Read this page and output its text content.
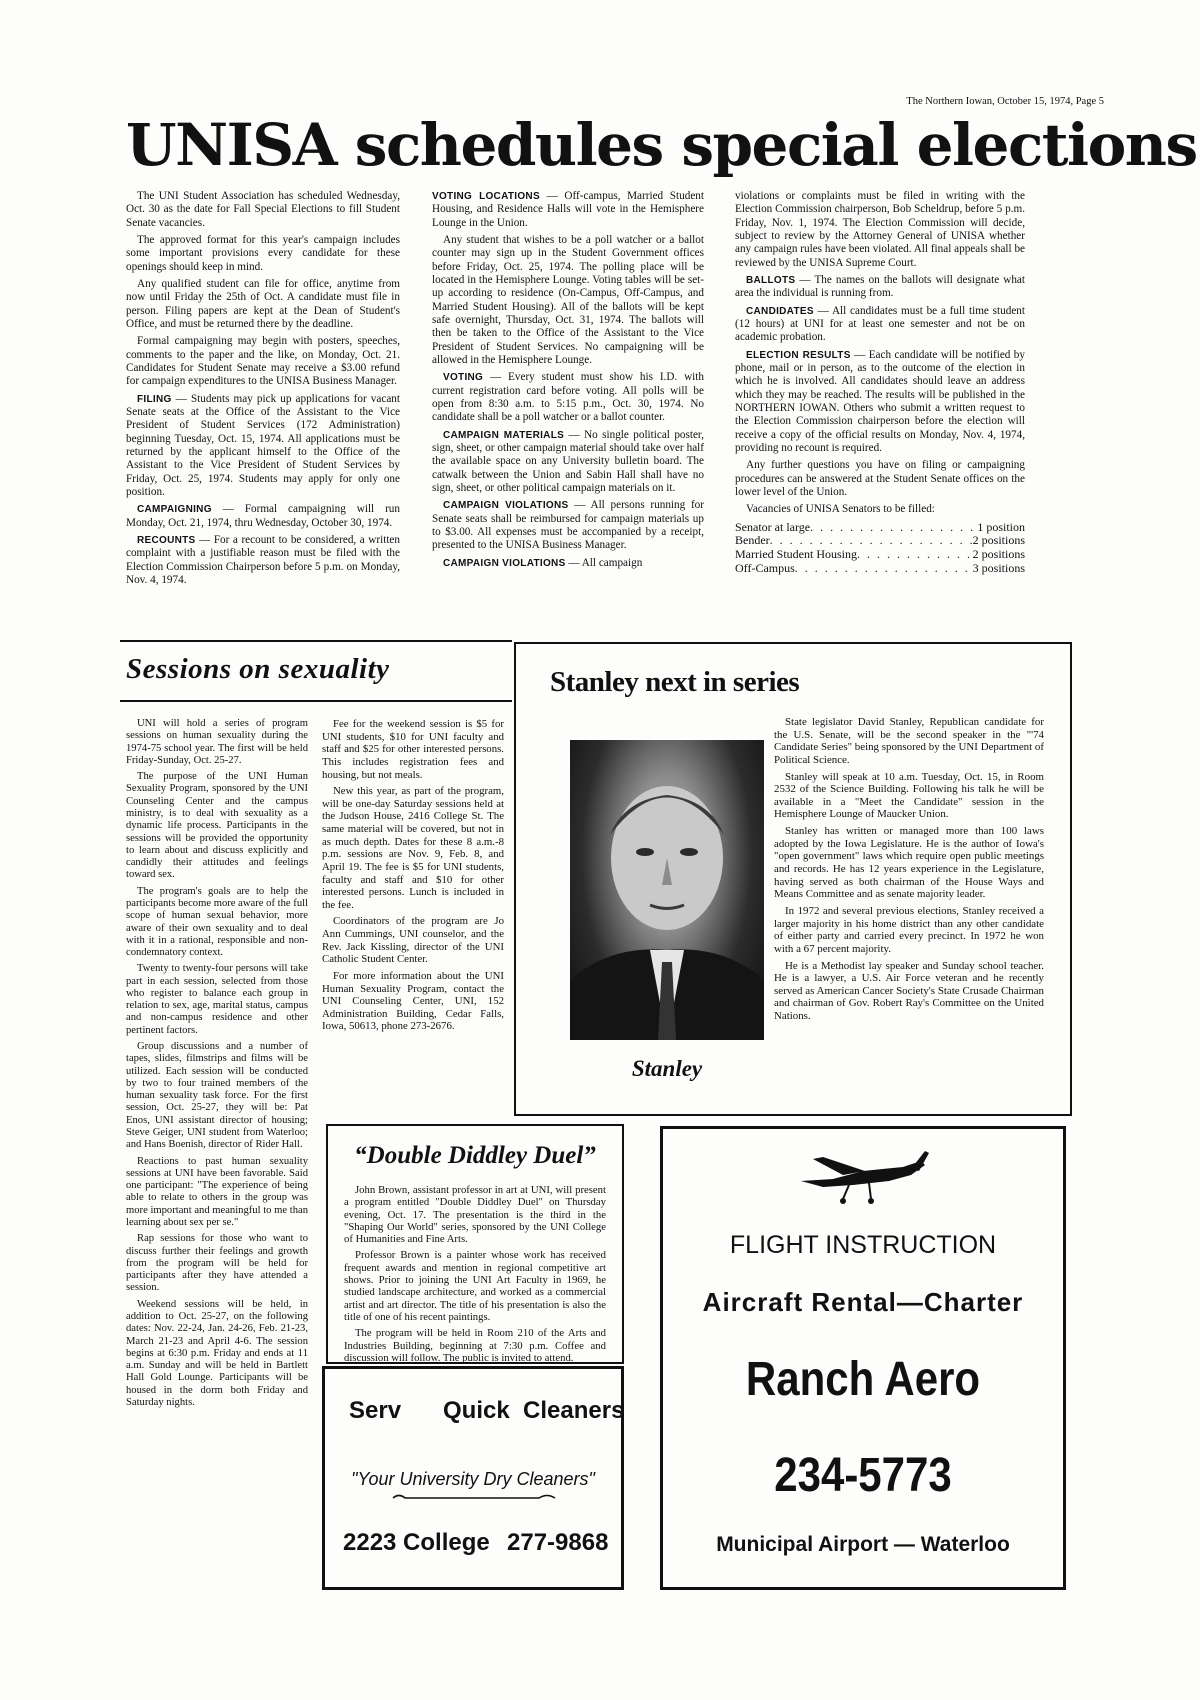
The Northern Iowan, October 15, 1974, Page 5
UNISA schedules special elections

The UNI Student Association has scheduled Wednesday, Oct. 30 as the date for Fall Special Elections to fill Student Senate vacancies.

The approved format for this year's campaign includes some important provisions every candidate for these openings should keep in mind.

Any qualified student can file for office, anytime from now until Friday the 25th of Oct. A candidate must file in person. Filing papers are kept at the Dean of Student's Office, and must be returned there by the deadline.

Formal campaigning may begin with posters, speeches, comments to the paper and the like, on Monday, Oct. 21. Candidates for Student Senate may receive a $3.00 refund for campaign expenditures to the UNISA Business Manager.

FILING — Students may pick up applications for vacant Senate seats at the Office of the Assistant to the Vice President of Student Services (172 Administration) beginning Tuesday, Oct. 15, 1974. All applications must be returned by the applicant himself to the Office of the Assistant to the Vice President of Student Services by Friday, Oct. 25, 1974. Students may apply for only one position.

CAMPAIGNING — Formal campaigning will run Monday, Oct. 21, 1974, thru Wednesday, October 30, 1974.

RECOUNTS — For a recount to be considered, a written complaint with a justifiable reason must be filed with the Election Commission Chairperson before 5 p.m. on Monday, Nov. 4, 1974.

VOTING LOCATIONS — Off-campus, Married Student Housing, and Residence Halls will vote in the Hemisphere Lounge in the Union.

Any student that wishes to be a poll watcher or a ballot counter may sign up in the Student Government offices before Friday, Oct. 25, 1974. The polling place will be located in the Hemisphere Lounge. Voting tables will be set-up according to residence (On-Campus, Off-Campus, and Married Student Housing). All of the ballots will be kept safe overnight, Thursday, Oct. 31, 1974. The ballots will then be taken to the Office of the Assistant to the Vice President of Student Services. No campaigning will be allowed in the Hemisphere Lounge.

VOTING — Every student must show his I.D. with current registration card before voting. All polls will be open from 8:30 a.m. to 5:15 p.m., Oct. 30, 1974. No candidate shall be a poll watcher or a ballot counter.

CAMPAIGN MATERIALS — No single political poster, sign, sheet, or other campaign material should take over half the available space on any University bulletin board. The catwalk between the Union and Sabin Hall shall have no sign, sheet, or other political campaign materials on it.

CAMPAIGN VIOLATIONS — All persons running for Senate seats shall be reimbursed for campaign materials up to $3.00. All expenses must be accompanied by a receipt, presented to the UNISA Business Manager.

CAMPAIGN VIOLATIONS — All campaign

violations or complaints must be filed in writing with the Election Commission chairperson, Bob Scheldrup, before 5 p.m. Friday, Nov. 1, 1974. The Election Commission will decide, subject to review by the Attorney General of UNISA whether any campaign rules have been violated. All final appeals shall be reviewed by the UNISA Supreme Court.

BALLOTS — The names on the ballots will designate what area the individual is running from.

CANDIDATES — All candidates must be a full time student (12 hours) at UNI for at least one semester and not be on academic probation.

ELECTION RESULTS — Each candidate will be notified by phone, mail or in person, as to the outcome of the election in which he is involved. All candidates should leave an address which they may be reached. The results will be published in the NORTHERN IOWAN. Others who submit a written request to the Election Commission chairperson before the election will receive a copy of the official results on Monday, Nov. 4, 1974, providing no recount is required.

Any further questions you have on filing or campaigning procedures can be answered at the Student Senate offices on the lower level of the Union.

Vacancies of UNISA Senators to be filled:

Senator at large . . .	1 position
Bender . . .	2 positions
Married Student Housing . . .	2 positions
Off-Campus . . .	3 positions
Sessions on sexuality

UNI will hold a series of program sessions on human sexuality during the 1974-75 school year. The first will be held Friday-Sunday, Oct. 25-27.

The purpose of the UNI Human Sexuality Program, sponsored by the UNI Counseling Center and the campus ministry, is to deal with sexuality as a dynamic life process. Participants in the sessions will be provided the opportunity to learn about and discuss explicitly and candidly their attitudes and feelings toward sex.

The program's goals are to help the participants become more aware of the full scope of human sexual behavior, more aware of their own sexuality and to deal with it in a rational, responsible and non-condemnatory context.

Twenty to twenty-four persons will take part in each session, selected from those who register to balance each group in relation to sex, age, marital status, campus and non-campus residence and other pertinent factors.

Group discussions and a number of tapes, slides, filmstrips and films will be utilized. Each session will be conducted by two to four trained members of the human sexuality task force. For the first session, Oct. 25-27, they will be: Pat Enos, UNI assistant director of housing; Steve Geiger, UNI student from Waterloo; and Hans Boenish, director of Rider Hall.

Reactions to past human sexuality sessions at UNI have been favorable. Said one participant: "The experience of being able to relate to others in the group was more important and meaningful to me than learning about sex per se."

Rap sessions for those who want to discuss further their feelings and growth from the program will be held for participants after they have attended a session.

Weekend sessions will be held, in addition to Oct. 25-27, on the following dates: Nov. 22-24, Jan. 24-26, Feb. 21-23, March 21-23 and April 4-6. The session begins at 6:30 p.m. Friday and ends at 11 a.m. Sunday and will be held in Bartlett Hall Gold Lounge. Participants will be housed in the dorm both Friday and Saturday nights.

Fee for the weekend session is $5 for UNI students, $10 for UNI faculty and staff and $25 for other interested persons. This includes registration fees and housing, but not meals.

New this year, as part of the program, will be one-day Saturday sessions held at the Judson House, 2416 College St. The same material will be covered, but not in as much depth. Dates for these 8 a.m.-8 p.m. sessions are Nov. 9, Feb. 8, and April 19. The fee is $5 for UNI students, faculty and staff and $10 for other interested persons. Lunch is included in the fee.

Coordinators of the program are Jo Ann Cummings, UNI counselor, and the Rev. Jack Kissling, director of the UNI Catholic Student Center.

For more information about the UNI Human Sexuality Program, contact the UNI Counseling Center, UNI, 152 Administration Building, Cedar Falls, Iowa, 50613, phone 273-2676.

Stanley next in series
Stanley

State legislator David Stanley, Republican candidate for the U.S. Senate, will be the second speaker in the "'74 Candidate Series" being sponsored by the UNI Department of Political Science.

Stanley will speak at 10 a.m. Tuesday, Oct. 15, in Room 2532 of the Science Building. Following his talk he will be available in a "Meet the Candidate" session in the Hemisphere Lounge of Maucker Union.

Stanley has written or managed more than 100 laws adopted by the Iowa Legislature. He is the author of Iowa's "open government" laws which require open public meetings and records. He has 12 years experience in the Legislature, having served as both chairman of the House Ways and Means Committee and as senate majority leader.

In 1972 and several previous elections, Stanley received a larger majority in his home district than any other candidate of either party and carried every precinct. In 1972 he won with a 67 percent majority.

He is a Methodist lay speaker and Sunday school teacher. He is a lawyer, a U.S. Air Force veteran and he recently served as American Cancer Society's State Crusade Chairman and chairman of Gov. Robert Ray's Committee on the United Nations.

“Double Diddley Duel”

John Brown, assistant professor in art at UNI, will present a program entitled "Double Diddley Duel" on Thursday evening, Oct. 17. The presentation is the third in the "Shaping Our World" series, sponsored by the UNI College of Humanities and Fine Arts.

Professor Brown is a painter whose work has received frequent awards and mention in regional competitive art shows. Prior to joining the UNI Art Faculty in 1969, he studied landscape architecture, and worked as a commercial artist and art director. The title of his presentation is also the title of one of his recent paintings.

The program will be held in Room 210 of the Arts and Industries Building, beginning at 7:30 p.m. Coffee and discussion will follow. The public is invited to attend.

Serv Quick  Cleaners
"Your University Dry Cleaners"
2223 College 277-9868
FLIGHT INSTRUCTION
Aircraft Rental—Charter
Ranch Aero
234-5773
Municipal Airport — Waterloo
